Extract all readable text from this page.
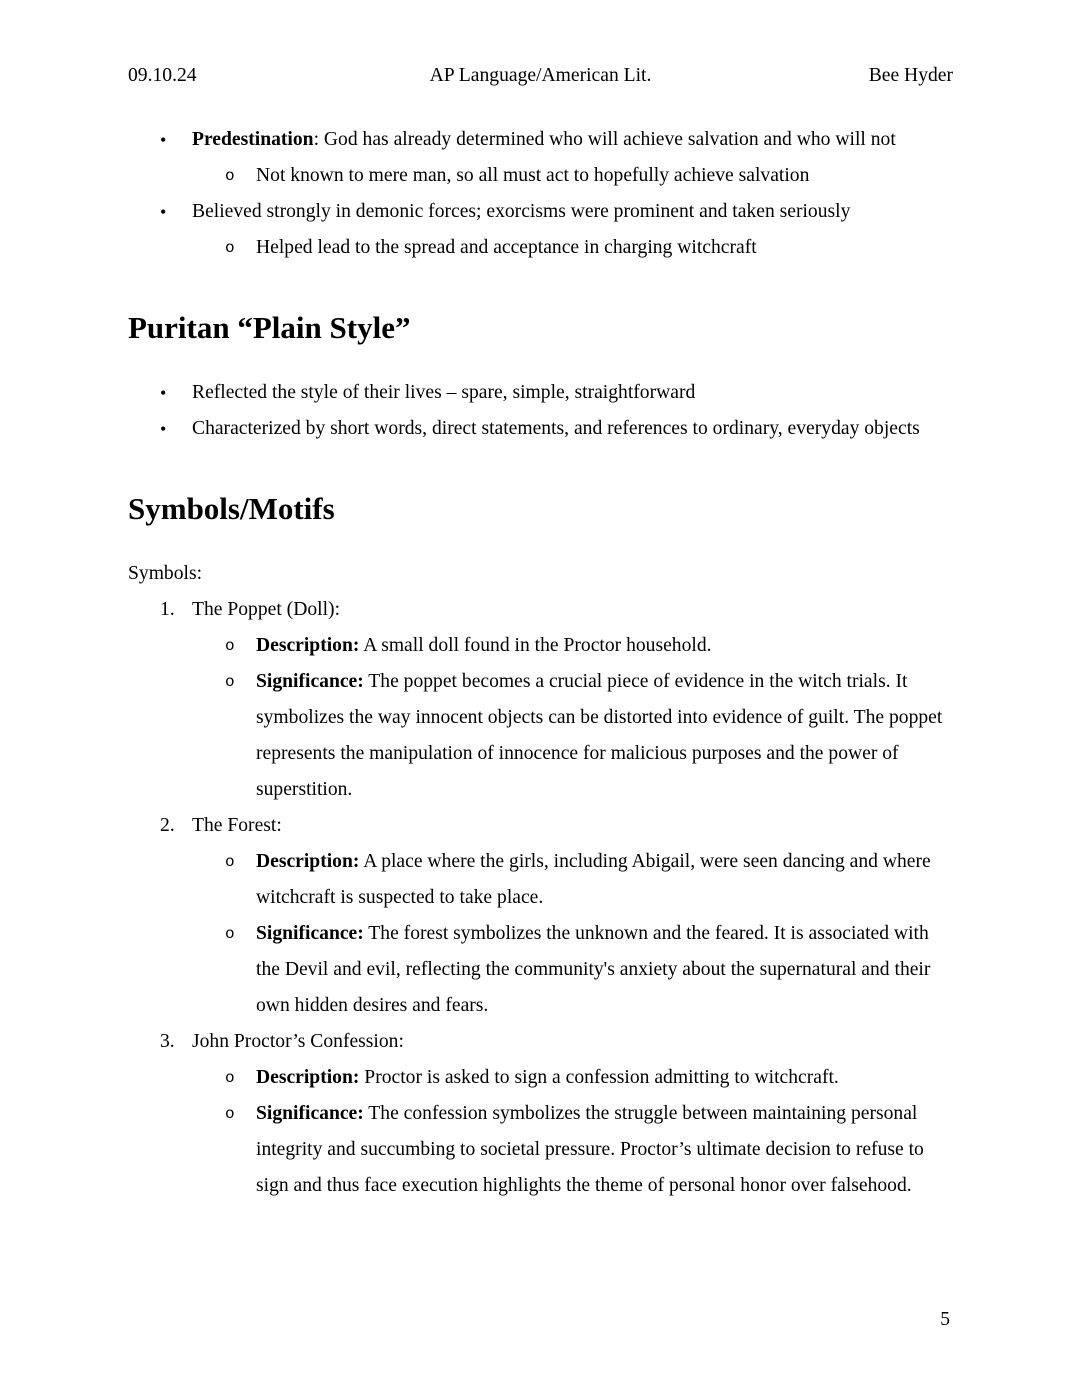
09.10.24	AP Language/American Lit.	Bee Hyder
• Predestination: God has already determined who will achieve salvation and who will not
o Not known to mere man, so all must act to hopefully achieve salvation
• Believed strongly in demonic forces; exorcisms were prominent and taken seriously
o Helped lead to the spread and acceptance in charging witchcraft
Puritan “Plain Style”
• Reflected the style of their lives – spare, simple, straightforward
• Characterized by short words, direct statements, and references to ordinary, everyday objects
Symbols/Motifs

Symbols:

1. The Poppet (Doll):
o Description: A small doll found in the Proctor household.
o Significance: The poppet becomes a crucial piece of evidence in the witch trials. It symbolizes the way innocent objects can be distorted into evidence of guilt. The poppet represents the manipulation of innocence for malicious purposes and the power of superstition.
2. The Forest:
o Description: A place where the girls, including Abigail, were seen dancing and where witchcraft is suspected to take place.
o Significance: The forest symbolizes the unknown and the feared. It is associated with the Devil and evil, reflecting the community's anxiety about the supernatural and their own hidden desires and fears.
3. John Proctor’s Confession:
o Description: Proctor is asked to sign a confession admitting to witchcraft.
o Significance: The confession symbolizes the struggle between maintaining personal integrity and succumbing to societal pressure. Proctor’s ultimate decision to refuse to sign and thus face execution highlights the theme of personal honor over falsehood.
5
